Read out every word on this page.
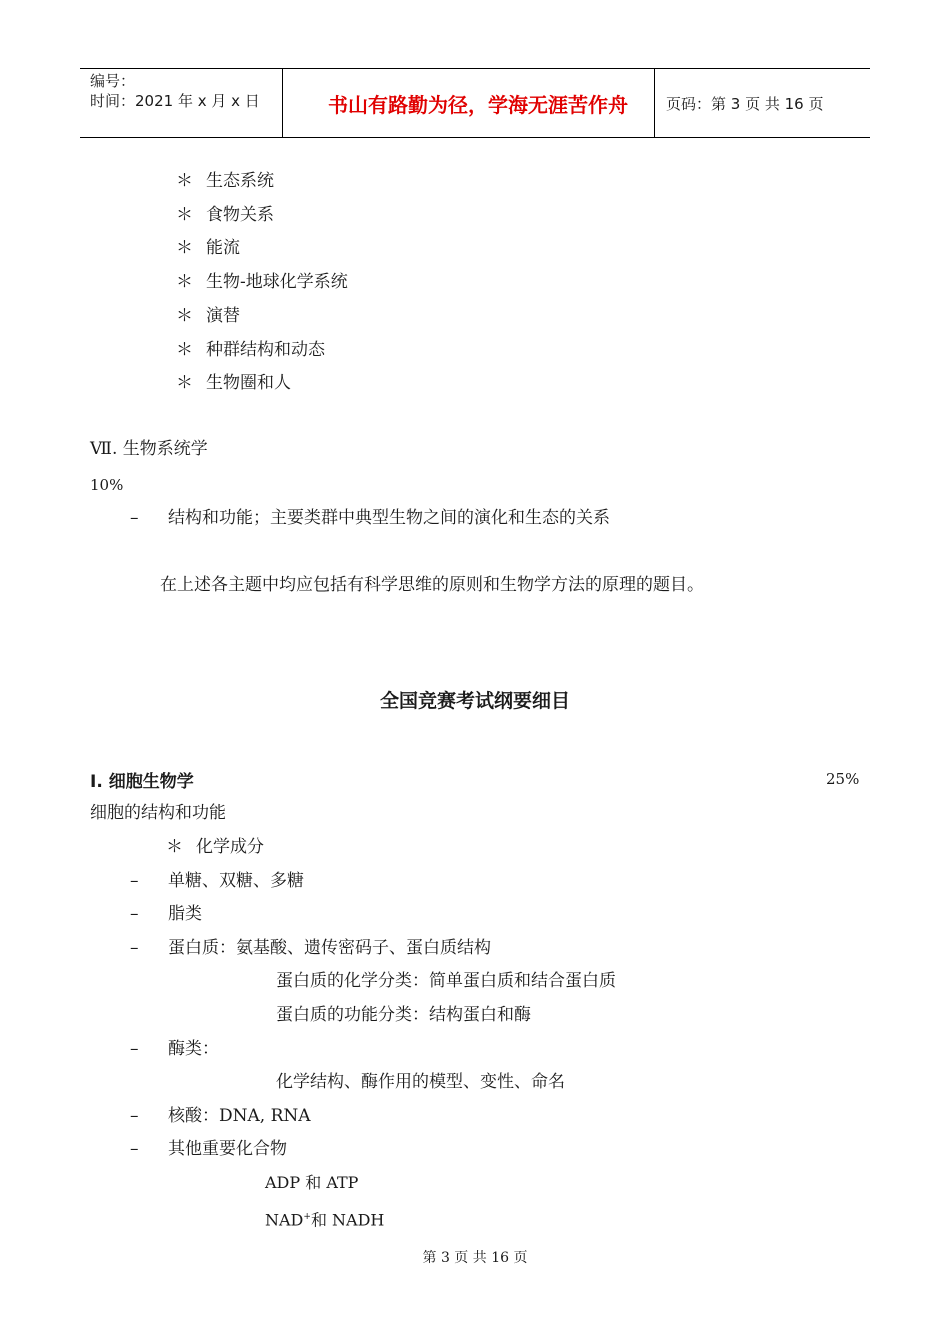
编号：
时间：2021 年 x 月 x 日	书山有路勤为径，学海无涯苦作舟	页码：第 3 页 共 16 页
＊ 生态系统
＊ 食物关系
＊ 能流
＊ 生物-地球化学系统
＊ 演替
＊ 种群结构和动态
＊ 生物圈和人
Ⅶ. 生物系统学
10%
– 结构和功能；主要类群中典型生物之间的演化和生态的关系
在上述各主题中均应包括有科学思维的原则和生物学方法的原理的题目。
全国竞赛考试纲要细目
I. 细胞生物学	25%
细胞的结构和功能
＊ 化学成分
– 单糖、双糖、多糖
– 脂类
– 蛋白质：氨基酸、遗传密码子、蛋白质结构
蛋白质的化学分类：简单蛋白质和结合蛋白质
蛋白质的功能分类：结构蛋白和酶
– 酶类：
化学结构、酶作用的模型、变性、命名
– 核酸：DNA, RNA
– 其他重要化合物
ADP 和 ATP
NAD+和 NADH
第 3 页 共 16 页
